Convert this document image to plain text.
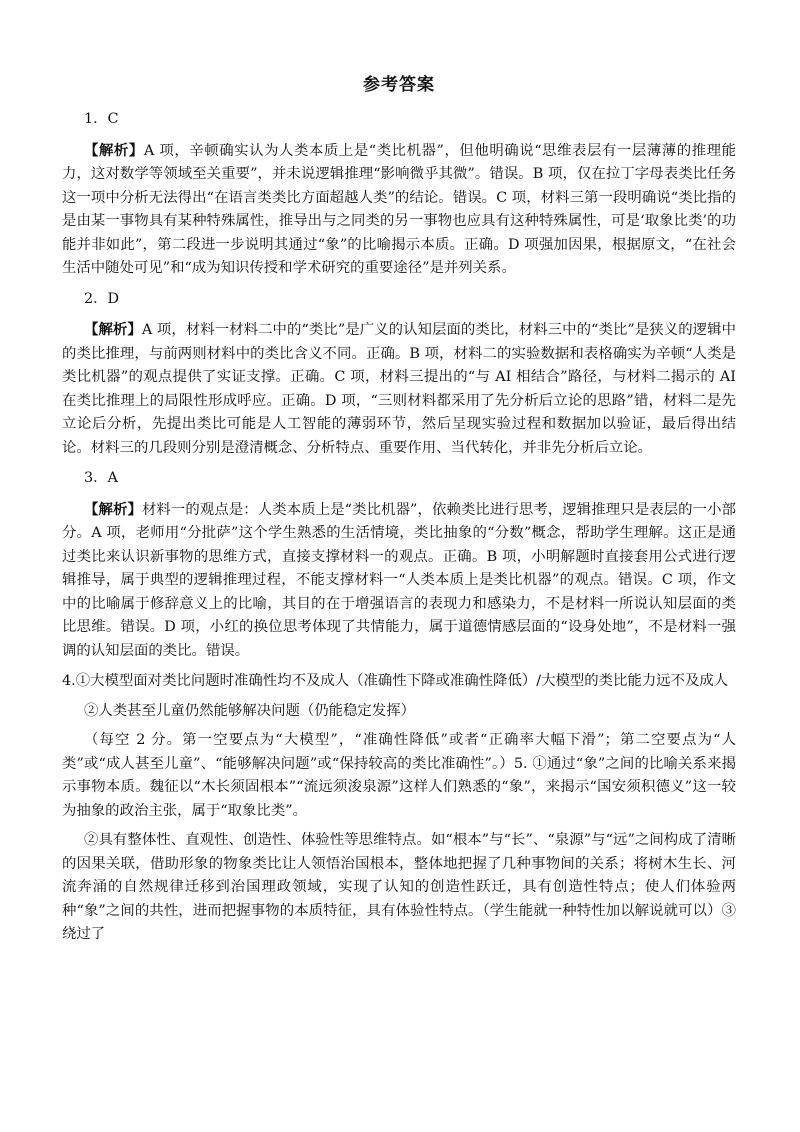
参考答案
1．C

【解析】A 项，辛顿确实认为人类本质上是“类比机器”，但他明确说“思维表层有一层薄薄的推理能力，这对数学等领域至关重要”，并未说逻辑推理“影响微乎其微”。错误。B 项，仅在拉丁字母表类比任务这一项中分析无法得出“在语言类类比方面超越人类”的结论。错误。C 项，材料三第一段明确说“类比指的是由某一事物具有某种特殊属性，推导出与之同类的另一事物也应具有这种特殊属性，可是‘取象比类’的功能并非如此”，第二段进一步说明其通过“象”的比喻揭示本质。正确。D 项强加因果，根据原文，“在社会生活中随处可见”和“成为知识传授和学术研究的重要途径”是并列关系。

2．D

【解析】A 项，材料一材料二中的“类比”是广义的认知层面的类比，材料三中的“类比”是狭义的逻辑中的类比推理，与前两则材料中的类比含义不同。正确。B 项，材料二的实验数据和表格确实为辛顿“人类是类比机器”的观点提供了实证支撑。正确。C 项，材料三提出的“与 AI 相结合”路径，与材料二揭示的 AI 在类比推理上的局限性形成呼应。正确。D 项，“三则材料都采用了先分析后立论的思路”错，材料二是先立论后分析，先提出类比可能是人工智能的薄弱环节，然后呈现实验过程和数据加以验证，最后得出结论。材料三的几段则分别是澄清概念、分析特点、重要作用、当代转化，并非先分析后立论。

3．A

【解析】材料一的观点是：人类本质上是“类比机器”，依赖类比进行思考，逻辑推理只是表层的一小部分。A 项，老师用“分批萨”这个学生熟悉的生活情境，类比抽象的“分数”概念，帮助学生理解。这正是通过类比来认识新事物的思维方式，直接支撑材料一的观点。正确。B 项，小明解题时直接套用公式进行逻辑推导，属于典型的逻辑推理过程，不能支撑材料一“人类本质上是类比机器”的观点。错误。C 项，作文中的比喻属于修辞意义上的比喻，其目的在于增强语言的表现力和感染力，不是材料一所说认知层面的类比思维。错误。D 项，小红的换位思考体现了共情能力，属于道德情感层面的“设身处地”，不是材料一强调的认知层面的类比。错误。

4.①大模型面对类比问题时准确性均不及成人（准确性下降或准确性降低）/大模型的类比能力远不及成人

②人类甚至儿童仍然能够解决问题（仍能稳定发挥）

（每空 2 分。第一空要点为“大模型”，“准确性降低”或者“正确率大幅下滑”；第二空要点为“人类”或“成人甚至儿童”、“能够解决问题”或“保持较高的类比准确性”。）5. ①通过“象”之间的比喻关系来揭示事物本质。魏征以“木长须固根本”“流远须浚泉源”这样人们熟悉的“象”，来揭示“国安须积德义”这一较为抽象的政治主张，属于“取象比类”。

②具有整体性、直观性、创造性、体验性等思维特点。如“根本”与“长”、“泉源”与“远”之间构成了清晰的因果关联，借助形象的物象类比让人领悟治国根本，整体地把握了几种事物间的关系；将树木生长、河流奔涌的自然规律迁移到治国理政领域，实现了认知的创造性跃迁，具有创造性特点；使人们体验两种“象”之间的共性，进而把握事物的本质特征，具有体验性特点。（学生能就一种特性加以解说就可以）③绕过了
